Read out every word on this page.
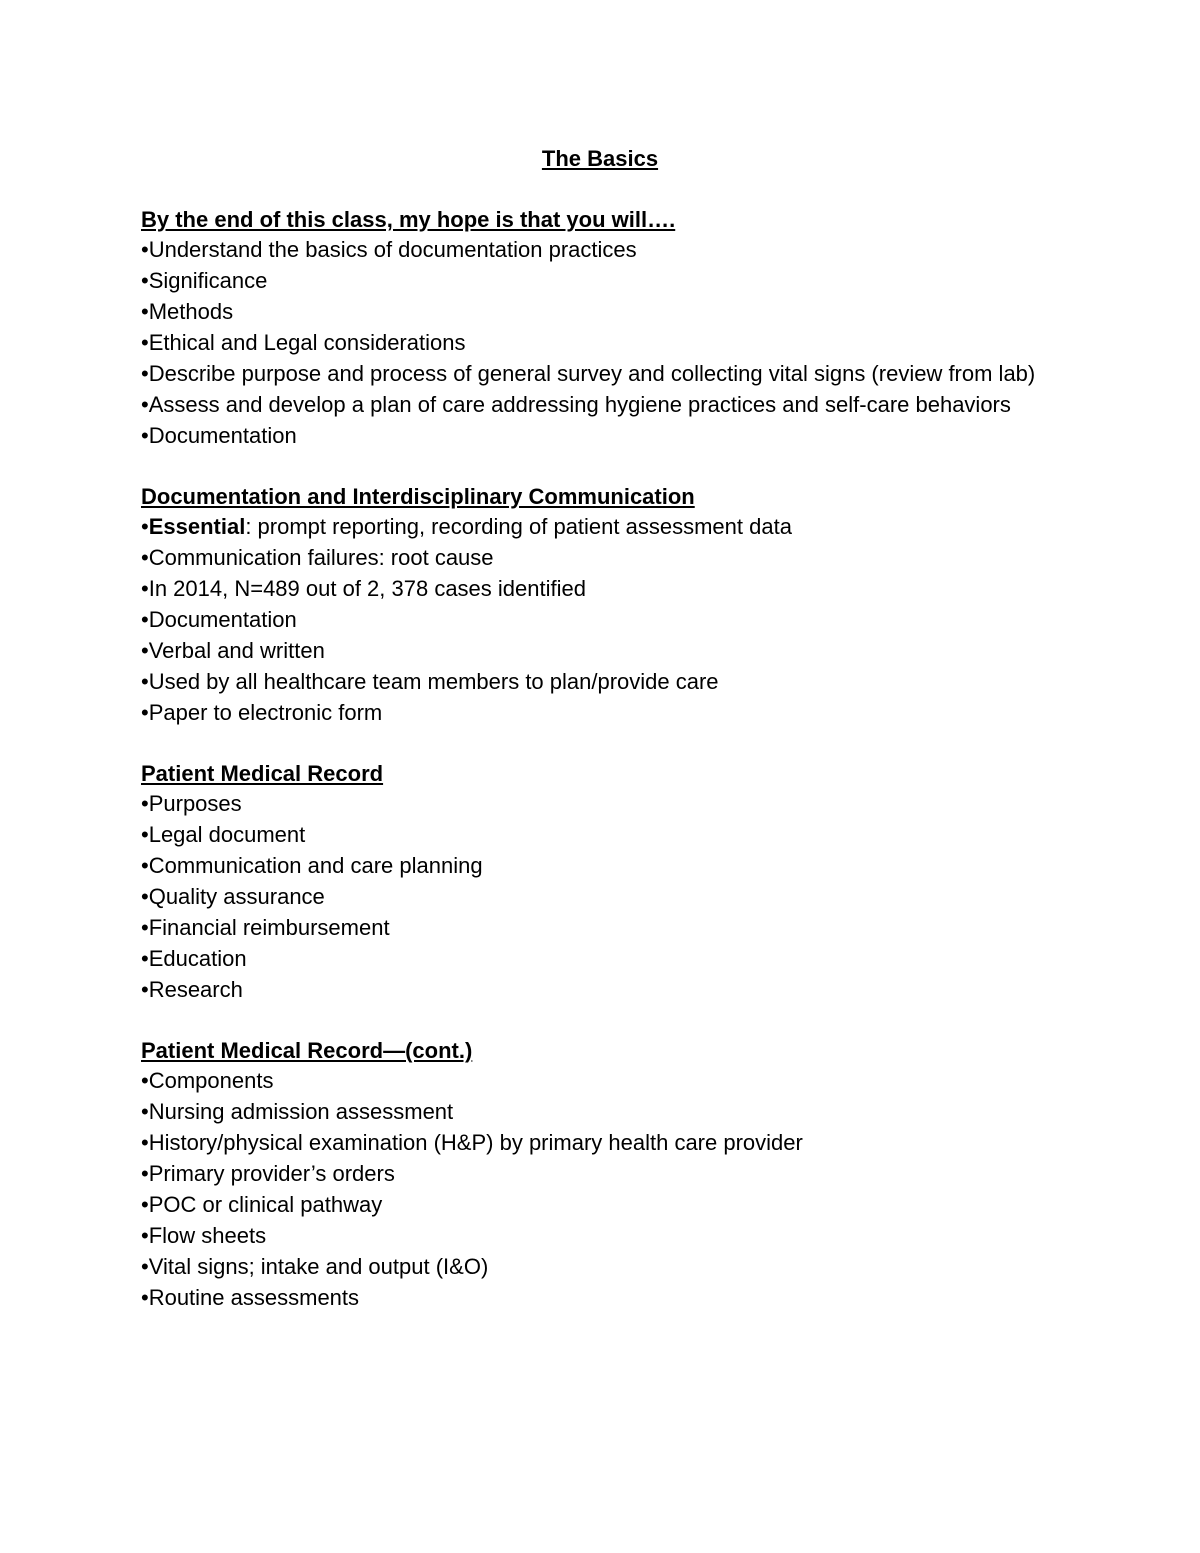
The Basics
By the end of this class, my hope is that you will….
•Understand the basics of documentation practices
•Significance
•Methods
•Ethical and Legal considerations
•Describe purpose and process of general survey and collecting vital signs (review from lab)
•Assess and develop a plan of care addressing hygiene practices and self-care behaviors
•Documentation
Documentation and Interdisciplinary Communication
•Essential: prompt reporting, recording of patient assessment data
•Communication failures: root cause
•In 2014, N=489 out of 2, 378 cases identified
•Documentation
•Verbal and written
•Used by all healthcare team members to plan/provide care
•Paper to electronic form
Patient Medical Record
•Purposes
•Legal document
•Communication and care planning
•Quality assurance
•Financial reimbursement
•Education
•Research
Patient Medical Record—(cont.)
•Components
•Nursing admission assessment
•History/physical examination (H&P) by primary health care provider
•Primary provider’s orders
•POC or clinical pathway
•Flow sheets
•Vital signs; intake and output (I&O)
•Routine assessments
